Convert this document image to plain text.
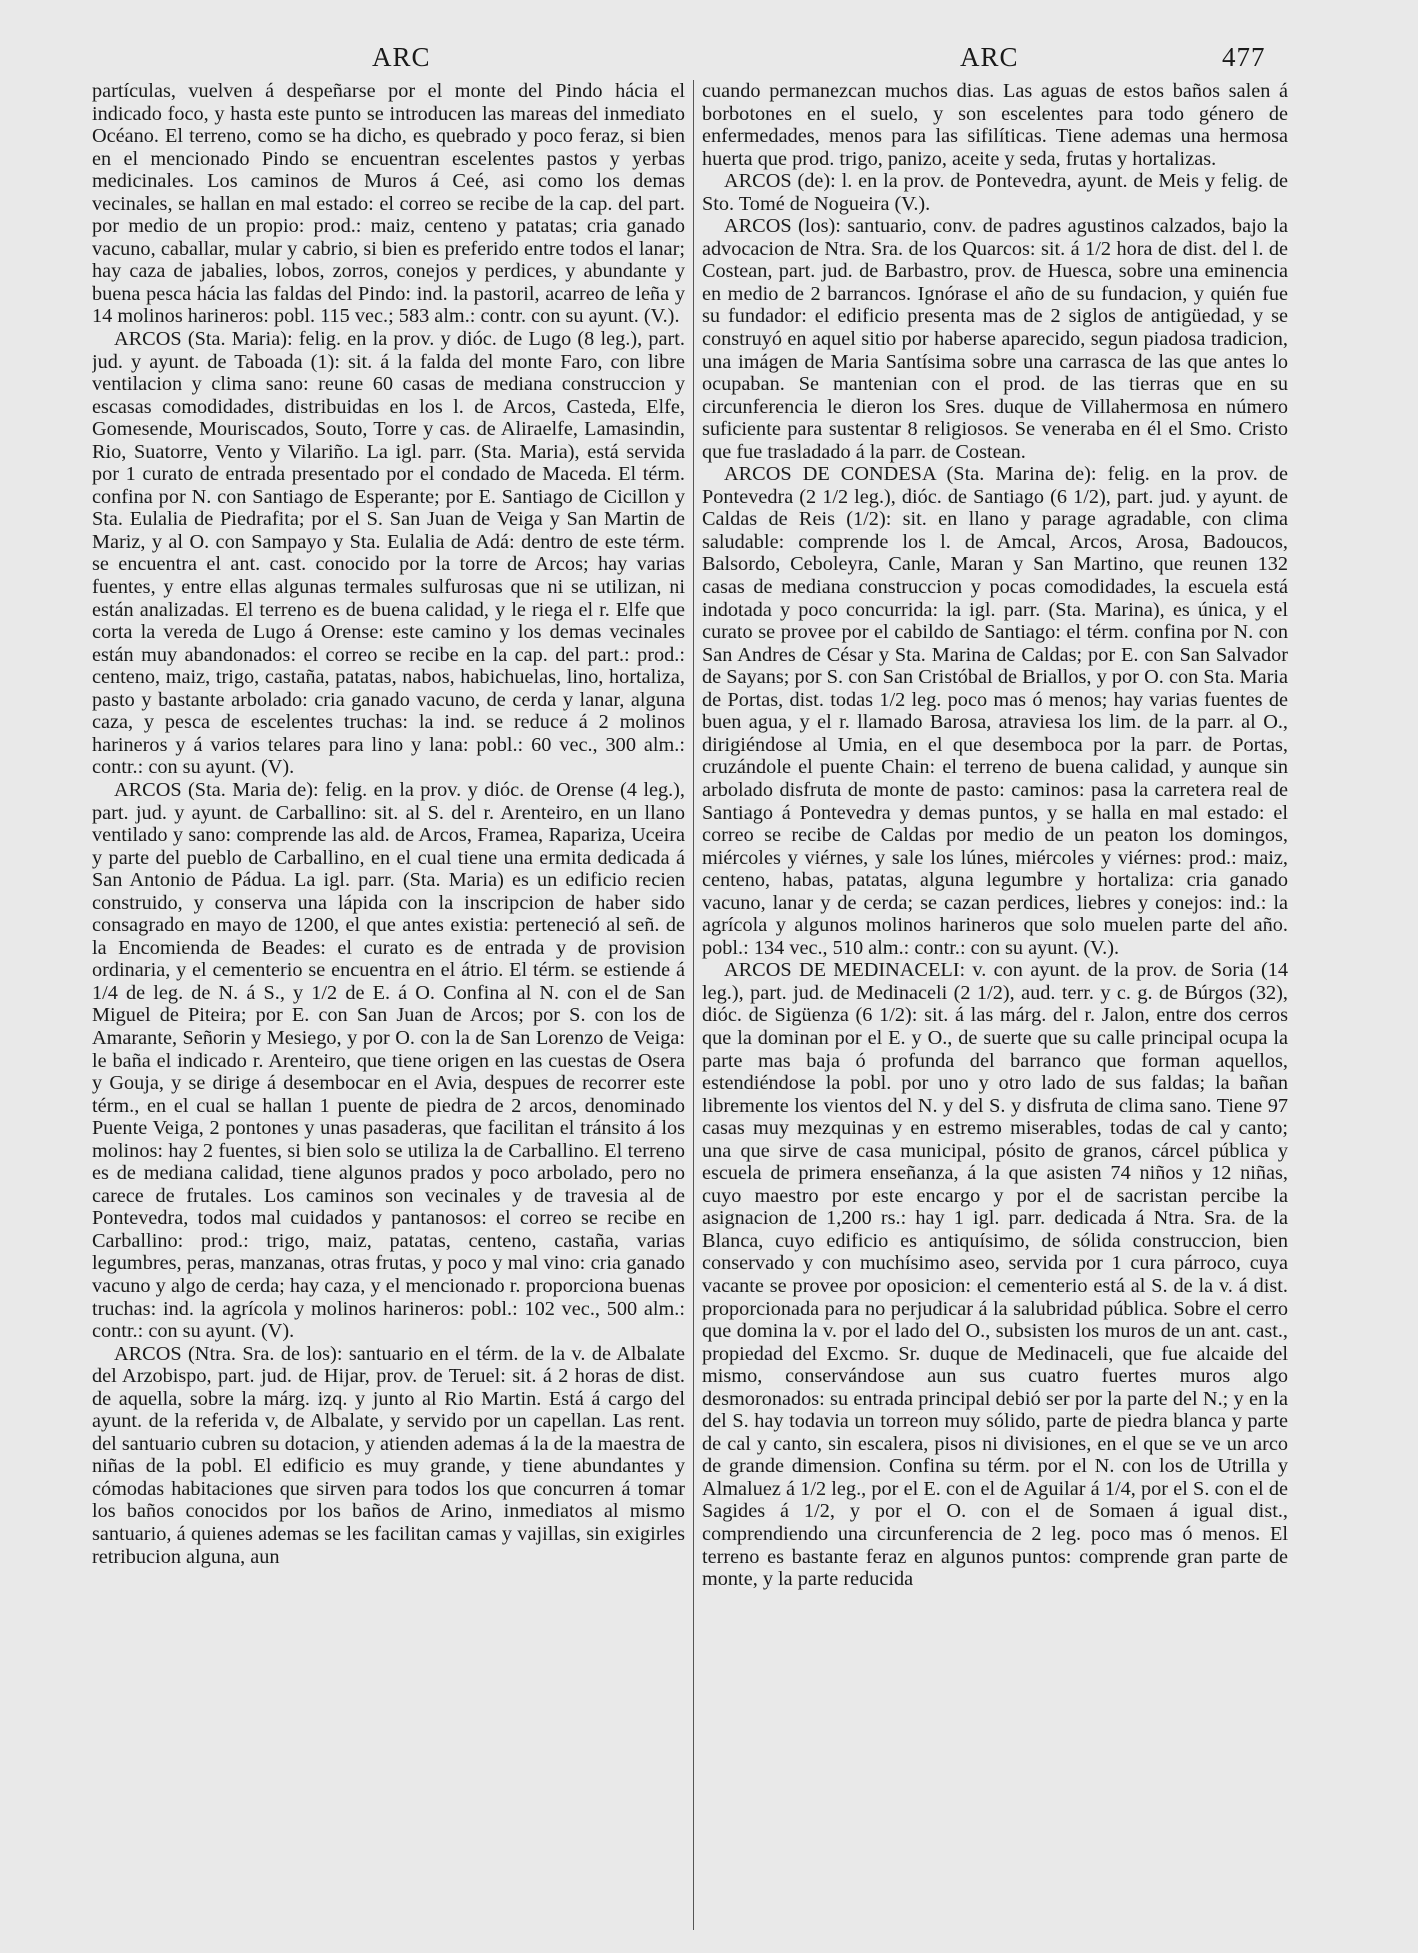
ARC	ARC	477

partículas, vuelven á despeñarse por el monte del Pindo hácia el indicado foco, y hasta este punto se introducen las mareas del inmediato Océano. El terreno, como se ha dicho, es quebrado y poco feraz, si bien en el mencionado Pindo se encuentran escelentes pastos y yerbas medicinales. Los caminos de Muros á Ceé, asi como los demas vecinales, se hallan en mal estado: el correo se recibe de la cap. del part. por medio de un propio: prod.: maiz, centeno y patatas; cria ganado vacuno, caballar, mular y cabrio, si bien es preferido entre todos el lanar; hay caza de jabalies, lobos, zorros, conejos y perdices, y abundante y buena pesca hácia las faldas del Pindo: ind. la pastoril, acarreo de leña y 14 molinos harineros: pobl. 115 vec.; 583 alm.: contr. con su ayunt. (V.).

ARCOS (Sta. Maria): felig. en la prov. y dióc. de Lugo (8 leg.), part. jud. y ayunt. de Taboada (1): sit. á la falda del monte Faro, con libre ventilacion y clima sano: reune 60 casas de mediana construccion y escasas comodidades, distribuidas en los l. de Arcos, Casteda, Elfe, Gomesende, Mouriscados, Souto, Torre y cas. de Aliraelfe, Lamasindin, Rio, Suatorre, Vento y Vilariño. La igl. parr. (Sta. Maria), está servida por 1 curato de entrada presentado por el condado de Maceda. El térm. confina por N. con Santiago de Esperante; por E. Santiago de Cicillon y Sta. Eulalia de Piedrafita; por el S. San Juan de Veiga y San Martin de Mariz, y al O. con Sampayo y Sta. Eulalia de Adá: dentro de este térm. se encuentra el ant. cast. conocido por la torre de Arcos; hay varias fuentes, y entre ellas algunas termales sulfurosas que ni se utilizan, ni están analizadas. El terreno es de buena calidad, y le riega el r. Elfe que corta la vereda de Lugo á Orense: este camino y los demas vecinales están muy abandonados: el correo se recibe en la cap. del part.: prod.: centeno, maiz, trigo, castaña, patatas, nabos, habichuelas, lino, hortaliza, pasto y bastante arbolado: cria ganado vacuno, de cerda y lanar, alguna caza, y pesca de escelentes truchas: la ind. se reduce á 2 molinos harineros y á varios telares para lino y lana: pobl.: 60 vec., 300 alm.: contr.: con su ayunt. (V).

ARCOS (Sta. Maria de): felig. en la prov. y dióc. de Orense (4 leg.), part. jud. y ayunt. de Carballino: sit. al S. del r. Arenteiro, en un llano ventilado y sano: comprende las ald. de Arcos, Framea, Rapariza, Uceira y parte del pueblo de Carballino, en el cual tiene una ermita dedicada á San Antonio de Pádua. La igl. parr. (Sta. Maria) es un edificio recien construido, y conserva una lápida con la inscripcion de haber sido consagrado en mayo de 1200, el que antes existia: perteneció al señ. de la Encomienda de Beades: el curato es de entrada y de provision ordinaria, y el cementerio se encuentra en el átrio. El térm. se estiende á 1/4 de leg. de N. á S., y 1/2 de E. á O. Confina al N. con el de San Miguel de Piteira; por E. con San Juan de Arcos; por S. con los de Amarante, Señorin y Mesiego, y por O. con la de San Lorenzo de Veiga: le baña el indicado r. Arenteiro, que tiene origen en las cuestas de Osera y Gouja, y se dirige á desembocar en el Avia, despues de recorrer este térm., en el cual se hallan 1 puente de piedra de 2 arcos, denominado Puente Veiga, 2 pontones y unas pasaderas, que facilitan el tránsito á los molinos: hay 2 fuentes, si bien solo se utiliza la de Carballino. El terreno es de mediana calidad, tiene algunos prados y poco arbolado, pero no carece de frutales. Los caminos son vecinales y de travesia al de Pontevedra, todos mal cuidados y pantanosos: el correo se recibe en Carballino: prod.: trigo, maiz, patatas, centeno, castaña, varias legumbres, peras, manzanas, otras frutas, y poco y mal vino: cria ganado vacuno y algo de cerda; hay caza, y el mencionado r. proporciona buenas truchas: ind. la agrícola y molinos harineros: pobl.: 102 vec., 500 alm.: contr.: con su ayunt. (V).

ARCOS (Ntra. Sra. de los): santuario en el térm. de la v. de Albalate del Arzobispo, part. jud. de Hijar, prov. de Teruel: sit. á 2 horas de dist. de aquella, sobre la márg. izq. y junto al Rio Martin. Está á cargo del ayunt. de la referida v, de Albalate, y servido por un capellan. Las rent. del santuario cubren su dotacion, y atienden ademas á la de la maestra de niñas de la pobl. El edificio es muy grande, y tiene abundantes y cómodas habitaciones que sirven para todos los que concurren á tomar los baños conocidos por los baños de Arino, inmediatos al mismo santuario, á quienes ademas se les facilitan camas y vajillas, sin exigirles retribucion alguna, aun

cuando permanezcan muchos dias. Las aguas de estos baños salen á borbotones en el suelo, y son escelentes para todo género de enfermedades, menos para las sifilíticas. Tiene ademas una hermosa huerta que prod. trigo, panizo, aceite y seda, frutas y hortalizas.

ARCOS (de): l. en la prov. de Pontevedra, ayunt. de Meis y felig. de Sto. Tomé de Nogueira (V.).

ARCOS (los): santuario, conv. de padres agustinos calzados, bajo la advocacion de Ntra. Sra. de los Quarcos: sit. á 1/2 hora de dist. del l. de Costean, part. jud. de Barbastro, prov. de Huesca, sobre una eminencia en medio de 2 barrancos. Ignórase el año de su fundacion, y quién fue su fundador: el edificio presenta mas de 2 siglos de antigüedad, y se construyó en aquel sitio por haberse aparecido, segun piadosa tradicion, una imágen de Maria Santísima sobre una carrasca de las que antes lo ocupaban. Se mantenian con el prod. de las tierras que en su circunferencia le dieron los Sres. duque de Villahermosa en número suficiente para sustentar 8 religiosos. Se veneraba en él el Smo. Cristo que fue trasladado á la parr. de Costean.

ARCOS DE CONDESA (Sta. Marina de): felig. en la prov. de Pontevedra (2 1/2 leg.), dióc. de Santiago (6 1/2), part. jud. y ayunt. de Caldas de Reis (1/2): sit. en llano y parage agradable, con clima saludable: comprende los l. de Amcal, Arcos, Arosa, Badoucos, Balsordo, Ceboleyra, Canle, Maran y San Martino, que reunen 132 casas de mediana construccion y pocas comodidades, la escuela está indotada y poco concurrida: la igl. parr. (Sta. Marina), es única, y el curato se provee por el cabildo de Santiago: el térm. confina por N. con San Andres de César y Sta. Marina de Caldas; por E. con San Salvador de Sayans; por S. con San Cristóbal de Briallos, y por O. con Sta. Maria de Portas, dist. todas 1/2 leg. poco mas ó menos; hay varias fuentes de buen agua, y el r. llamado Barosa, atraviesa los lim. de la parr. al O., dirigiéndose al Umia, en el que desemboca por la parr. de Portas, cruzándole el puente Chain: el terreno de buena calidad, y aunque sin arbolado disfruta de monte de pasto: caminos: pasa la carretera real de Santiago á Pontevedra y demas puntos, y se halla en mal estado: el correo se recibe de Caldas por medio de un peaton los domingos, miércoles y viérnes, y sale los lúnes, miércoles y viérnes: prod.: maiz, centeno, habas, patatas, alguna legumbre y hortaliza: cria ganado vacuno, lanar y de cerda; se cazan perdices, liebres y conejos: ind.: la agrícola y algunos molinos harineros que solo muelen parte del año. pobl.: 134 vec., 510 alm.: contr.: con su ayunt. (V.).

ARCOS DE MEDINACELI: v. con ayunt. de la prov. de Soria (14 leg.), part. jud. de Medinaceli (2 1/2), aud. terr. y c. g. de Búrgos (32), dióc. de Sigüenza (6 1/2): sit. á las márg. del r. Jalon, entre dos cerros que la dominan por el E. y O., de suerte que su calle principal ocupa la parte mas baja ó profunda del barranco que forman aquellos, estendiéndose la pobl. por uno y otro lado de sus faldas; la bañan libremente los vientos del N. y del S. y disfruta de clima sano. Tiene 97 casas muy mezquinas y en estremo miserables, todas de cal y canto; una que sirve de casa municipal, pósito de granos, cárcel pública y escuela de primera enseñanza, á la que asisten 74 niños y 12 niñas, cuyo maestro por este encargo y por el de sacristan percibe la asignacion de 1,200 rs.: hay 1 igl. parr. dedicada á Ntra. Sra. de la Blanca, cuyo edificio es antiquísimo, de sólida construccion, bien conservado y con muchísimo aseo, servida por 1 cura párroco, cuya vacante se provee por oposicion: el cementerio está al S. de la v. á dist. proporcionada para no perjudicar á la salubridad pública. Sobre el cerro que domina la v. por el lado del O., subsisten los muros de un ant. cast., propiedad del Excmo. Sr. duque de Medinaceli, que fue alcaide del mismo, conservándose aun sus cuatro fuertes muros algo desmoronados: su entrada principal debió ser por la parte del N.; y en la del S. hay todavia un torreon muy sólido, parte de piedra blanca y parte de cal y canto, sin escalera, pisos ni divisiones, en el que se ve un arco de grande dimension. Confina su térm. por el N. con los de Utrilla y Almaluez á 1/2 leg., por el E. con el de Aguilar á 1/4, por el S. con el de Sagides á 1/2, y por el O. con el de Somaen á igual dist., comprendiendo una circunferencia de 2 leg. poco mas ó menos. El terreno es bastante feraz en algunos puntos: comprende gran parte de monte, y la parte reducida
